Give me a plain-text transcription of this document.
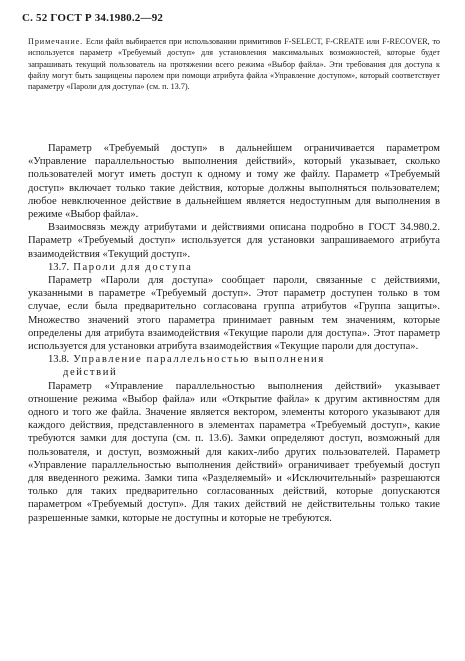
С. 52 ГОСТ Р 34.1980.2—92
Примечание. Если файл выбирается при использовании примитивов F-SELECT, F-CREATE или F-RECOVER, то используется параметр «Требуемый доступ» для установления максимальных возможностей, которые будет запрашивать текущий пользователь на протяжении всего режима «Выбор файла». Эти требования для доступа к файлу могут быть защищены паролем при помощи атрибута файла «Управление доступом», который соответствует параметру «Пароли для доступа» (см. п. 13.7).

Параметр «Требуемый доступ» в дальнейшем ограничивается параметром «Управление параллельностью выполнения действий», который указывает, сколько пользователей могут иметь доступ к одному и тому же файлу. Параметр «Требуемый доступ» включает только такие действия, которые должны выполняться пользователем; любое невключенное действие в дальнейшем является недоступным для выполнения в режиме «Выбор файла».

Взаимосвязь между атрибутами и действиями описана подробно в ГОСТ 34.980.2. Параметр «Требуемый доступ» используется для установки запрашиваемого атрибута взаимодействия «Текущий доступ».

13.7. Пароли для доступа

Параметр «Пароли для доступа» сообщает пароли, связанные с действиями, указанными в параметре «Требуемый доступ». Этот параметр доступен только в том случае, если была предварительно согласована группа атрибутов «Группа защиты». Множество значений этого параметра принимает равным тем значениям, которые определены для атрибута взаимодействия «Текущие пароли для доступа». Этот параметр используется для установки атрибута взаимодействия «Текущие пароли для доступа».

13.8. Управление параллельностью выполнения

действий

Параметр «Управление параллельностью выполнения действий» указывает отношение режима «Выбор файла» или «Открытие файла» к другим активностям для одного и того же файла. Значение является вектором, элементы которого указывают для каждого действия, представленного в элементах параметра «Требуемый доступ», какие требуются замки для доступа (см. п. 13.6). Замки определяют доступ, возможный для пользователя, и доступ, возможный для каких-либо других пользователей. Параметр «Управление параллельностью выполнения действий» ограничивает требуемый доступ для введенного режима. Замки типа «Разделяемый» и «Исключительный» разрешаются только для таких предварительно согласованных действий, которые допускаются параметром «Требуемый доступ». Для таких действий не действительны только такие разрешенные замки, которые не доступны и которые не требуются.
